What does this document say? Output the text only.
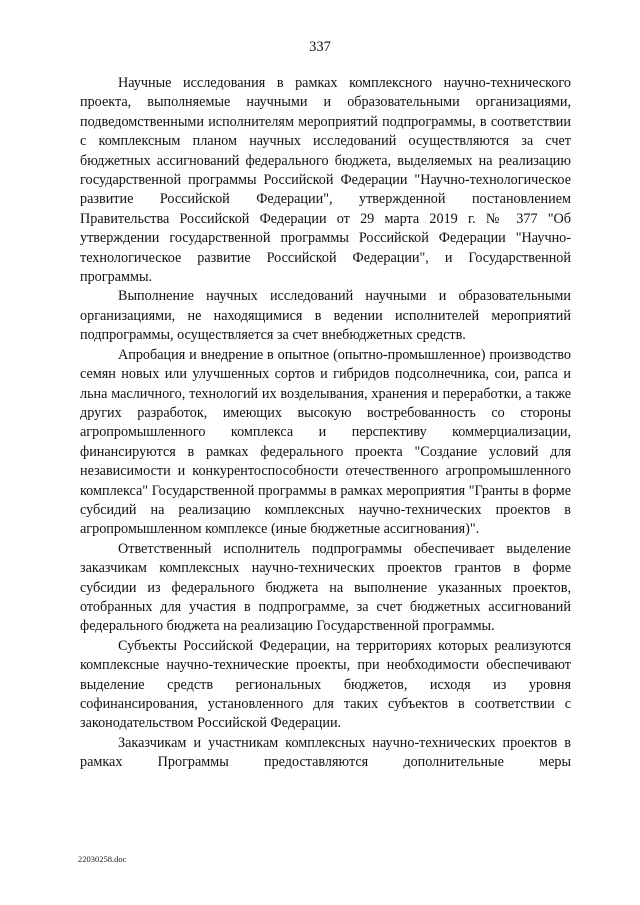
337

Научные исследования в рамках комплексного научно-технического проекта, выполняемые научными и образовательными организациями, подведомственными исполнителям мероприятий подпрограммы, в соответствии с комплексным планом научных исследований осуществляются за счет бюджетных ассигнований федерального бюджета, выделяемых на реализацию государственной программы Российской Федерации "Научно-технологическое развитие Российской Федерации", утвержденной постановлением Правительства Российской Федерации от 29 марта 2019 г. № 377 "Об утверждении государственной программы Российской Федерации "Научно-технологическое развитие Российской Федерации", и Государственной программы.

Выполнение научных исследований научными и образовательными организациями, не находящимися в ведении исполнителей мероприятий подпрограммы, осуществляется за счет внебюджетных средств.

Апробация и внедрение в опытное (опытно-промышленное) производство семян новых или улучшенных сортов и гибридов подсолнечника, сои, рапса и льна масличного, технологий их возделывания, хранения и переработки, а также других разработок, имеющих высокую востребованность со стороны агропромышленного комплекса и перспективу коммерциализации, финансируются в рамках федерального проекта "Создание условий для независимости и конкурентоспособности отечественного агропромышленного комплекса" Государственной программы в рамках мероприятия "Гранты в форме субсидий на реализацию комплексных научно-технических проектов в агропромышленном комплексе (иные бюджетные ассигнования)".

Ответственный исполнитель подпрограммы обеспечивает выделение заказчикам комплексных научно-технических проектов грантов в форме субсидии из федерального бюджета на выполнение указанных проектов, отобранных для участия в подпрограмме, за счет бюджетных ассигнований федерального бюджета на реализацию Государственной программы.

Субъекты Российской Федерации, на территориях которых реализуются комплексные научно-технические проекты, при необходимости обеспечивают выделение средств региональных бюджетов, исходя из уровня софинансирования, установленного для таких субъектов в соответствии с законодательством Российской Федерации.

Заказчикам и участникам комплексных научно-технических проектов в рамках Программы предоставляются дополнительные меры

22030258.doc
